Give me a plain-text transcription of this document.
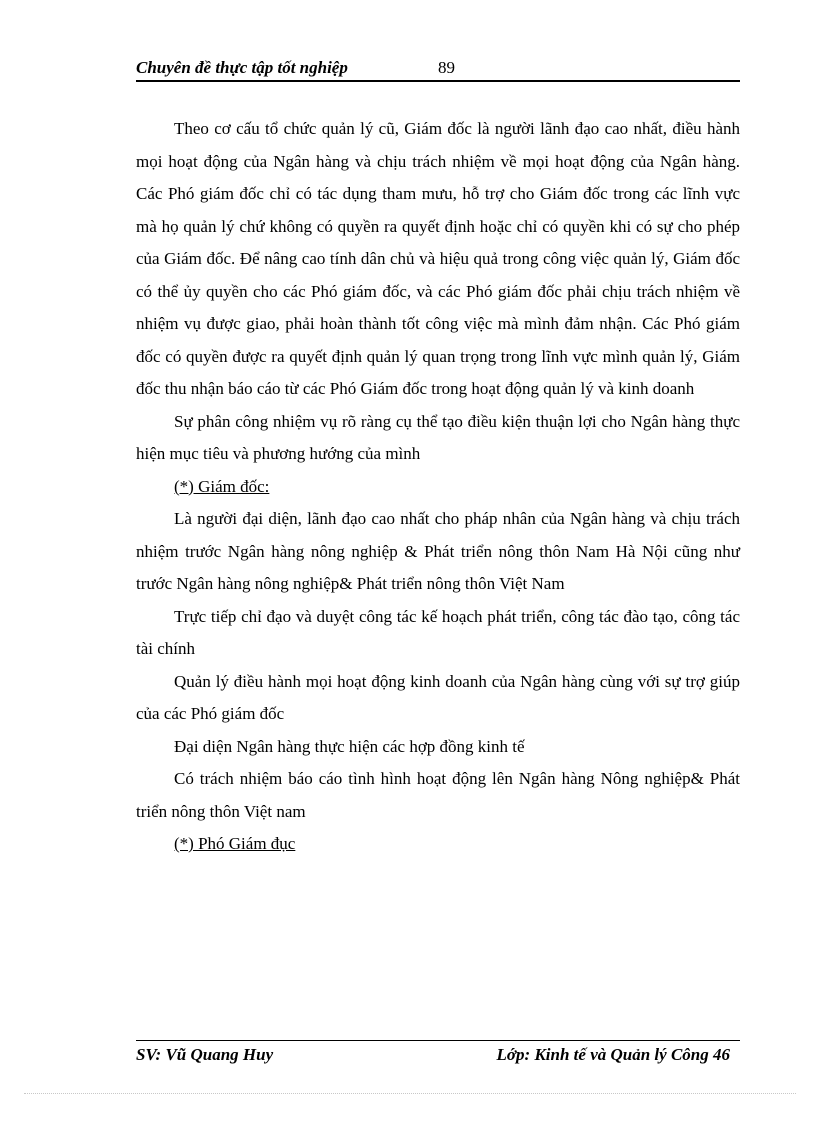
Chuyên đề thực tập tốt nghiệp	89

Theo cơ cấu tổ chức quản lý cũ, Giám đốc là người lãnh đạo cao nhất, điều hành mọi hoạt động của Ngân hàng và chịu trách nhiệm về mọi hoạt động của Ngân hàng. Các Phó giám đốc chỉ có tác dụng tham mưu, hỗ trợ cho Giám đốc trong các lĩnh vực mà họ quản lý chứ không có quyền ra quyết định hoặc chỉ có quyền khi có sự cho phép của Giám đốc. Để nâng cao tính dân chủ và hiệu quả trong công việc quản lý, Giám đốc có thể ủy quyền cho các Phó giám đốc, và các Phó giám đốc phải chịu trách nhiệm về nhiệm vụ được giao, phải hoàn thành tốt công việc mà mình đảm nhận. Các Phó giám đốc có quyền được ra quyết định quản lý quan trọng trong lĩnh vực mình quản lý, Giám đốc thu nhận báo cáo từ các Phó Giám đốc trong hoạt động quản lý và kinh doanh

Sự phân công nhiệm vụ rõ ràng cụ thể tạo điều kiện thuận lợi cho Ngân hàng thực hiện mục tiêu và phương hướng của mình

(*) Giám đốc:

Là người đại diện, lãnh đạo cao nhất cho pháp nhân của Ngân hàng và chịu trách nhiệm trước Ngân hàng nông nghiệp & Phát triển nông thôn Nam Hà Nội cũng như trước Ngân hàng nông nghiệp& Phát triển nông thôn Việt Nam

Trực tiếp chỉ đạo và duyệt công tác kế hoạch phát triển, công tác đào tạo, công tác tài chính

Quản lý điều hành mọi hoạt động kinh doanh của Ngân hàng cùng với sự trợ giúp của các Phó giám đốc

Đại diện Ngân hàng thực hiện các hợp đồng kinh tế

Có trách nhiệm báo cáo tình hình hoạt động lên Ngân hàng Nông nghiệp& Phát triển nông thôn Việt nam

(*) Phó Giám đục

SV: Vũ Quang Huy	Lớp: Kinh tế và Quản lý Công 46
